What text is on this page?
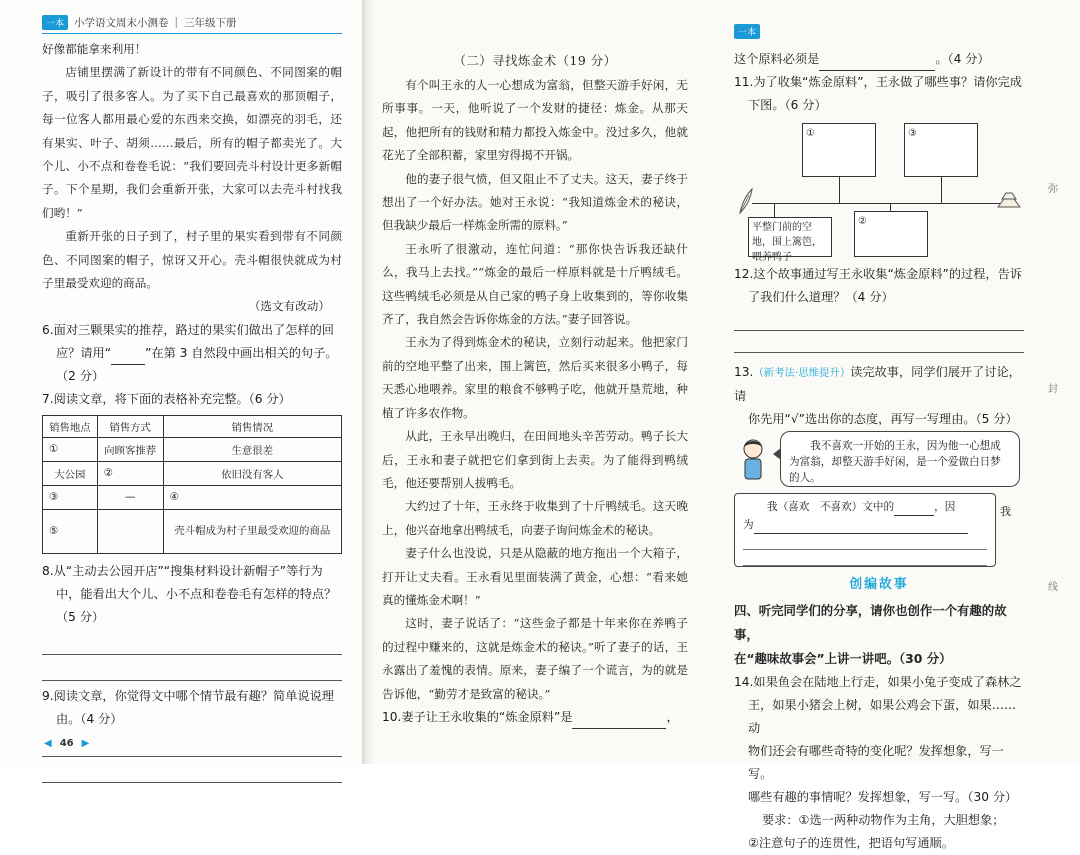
一本 小学语文周末小测卷 | 三年级下册
一本

好像都能拿来利用！

店铺里摆满了新设计的带有不同颜色、不同图案的帽子，吸引了很多客人。为了买下自己最喜欢的那顶帽子，每一位客人都用最心爱的东西来交换，如漂亮的羽毛，还有果实、叶子、胡须……最后，所有的帽子都卖光了。大个儿、小不点和卷卷毛说：“我们要回壳斗村设计更多新帽子。下个星期，我们会重新开张，大家可以去壳斗村找我们哟！”

重新开张的日子到了，村子里的果实看到带有不同颜色、不同图案的帽子，惊讶又开心。壳斗帽很快就成为村子里最受欢迎的商品。

（选文有改动）

6.面对三颗果实的推荐，路过的果实们做出了怎样的回
应？请用“	”在第 3 自然段中画出相关的句子。
（2 分）
7.阅读文章，将下面的表格补充完整。（6 分）
销售地点	销售方式	销售情况
①	向顾客推荐	生意很差
大公园	②	依旧没有客人
③	—	④
⑤		壳斗帽成为村子里最受欢迎的商品
8.从“主动去公园开店”“搜集材料设计新帽子”等行为
中，能看出大个儿、小不点和卷卷毛有怎样的特点？
（5 分）
9.阅读文章，你觉得文中哪个情节最有趣？简单说说理
由。（4 分）
（二）寻找炼金术（19 分）

有个叫王永的人一心想成为富翁，但整天游手好闲，无所事事。一天，他听说了一个发财的捷径：炼金。从那天起，他把所有的钱财和精力都投入炼金中。没过多久，他就花光了全部积蓄，家里穷得揭不开锅。

他的妻子很气愤，但又阻止不了丈夫。这天，妻子终于想出了一个好办法。她对王永说：“我知道炼金术的秘诀，但我缺少最后一样炼金所需的原料。”

王永听了很激动，连忙问道：“那你快告诉我还缺什么，我马上去找。”“炼金的最后一样原料就是十斤鸭绒毛。这些鸭绒毛必须是从自己家的鸭子身上收集到的，等你收集齐了，我自然会告诉你炼金的方法。”妻子回答说。

王永为了得到炼金术的秘诀，立刻行动起来。他把家门前的空地平整了出来，围上篱笆，然后买来很多小鸭子，每天悉心地喂养。家里的粮食不够鸭子吃，他就开垦荒地，种植了许多农作物。

从此，王永早出晚归，在田间地头辛苦劳动。鸭子长大后，王永和妻子就把它们拿到街上去卖。为了能得到鸭绒毛，他还要帮别人拔鸭毛。

大约过了十年，王永终于收集到了十斤鸭绒毛。这天晚上，他兴奋地拿出鸭绒毛，向妻子询问炼金术的秘诀。

妻子什么也没说，只是从隐蔽的地方拖出一个大箱子，打开让丈夫看。王永看见里面装满了黄金，心想：“看来她真的懂炼金术啊！”

这时，妻子说话了：“这些金子都是十年来你在养鸭子的过程中赚来的，这就是炼金术的秘诀。”听了妻子的话，王永露出了羞愧的表情。原来，妻子编了一个谎言，为的就是告诉他，“勤劳才是致富的秘诀。”

10.妻子让王永收集的“炼金原料”是	，
这个原料必须是	。（4 分）
11.为了收集“炼金原料”，王永做了哪些事？请你完成
下图。（6 分）
①	③
平整门前的空地，围上篱笆，喂养鸭子
②
12.这个故事通过写王永收集“炼金原料”的过程，告诉
了我们什么道理？（4 分）
13.（新考法·思维提升）读完故事，同学们展开了讨论，请
你先用“√”选出你的态度，再写一写理由。（5 分）
我不喜欢一开始的王永，因为他一心想成为富翁，却整天游手好闲，是一个爱做白日梦的人。
我（喜欢　不喜欢）文中的	，因
为
我
创编故事
四、听完同学们的分享，请你也创作一个有趣的故事，
在“趣味故事会”上讲一讲吧。（30 分）
14.如果鱼会在陆地上行走，如果小兔子变成了森林之
王，如果小猪会上树，如果公鸡会下蛋，如果……动
物们还会有哪些奇特的变化呢？发挥想象，写一写。
哪些有趣的事情呢？发挥想象，写一写。（30 分）
要求：①选一两种动物作为主角，大胆想象；
②注意句子的连贯性，把语句写通顺。
弥
封
线
◀ 46 ▶
